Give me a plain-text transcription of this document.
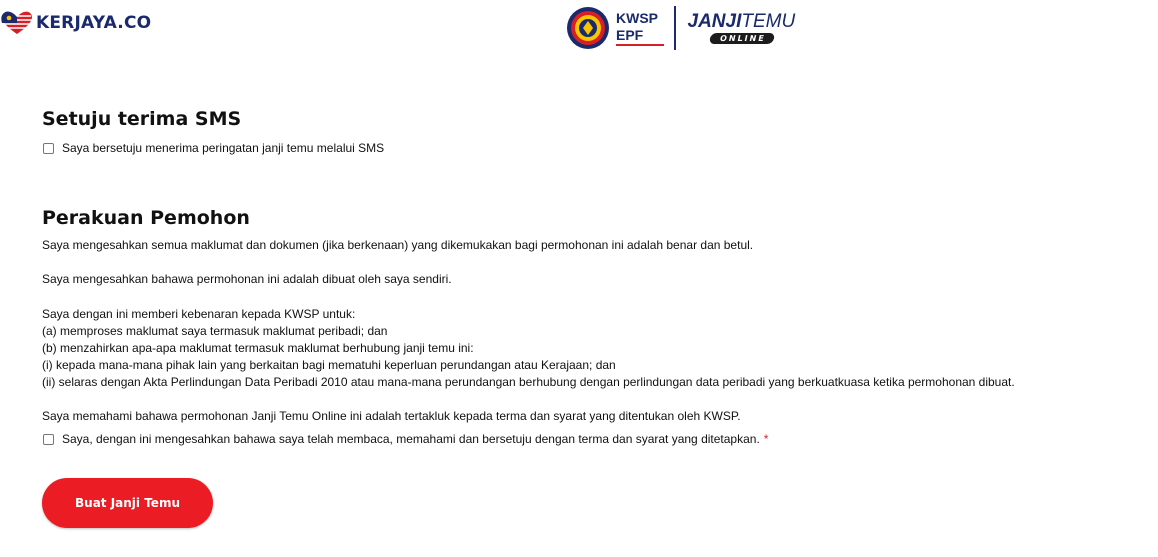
KERJAYA.CO	KWSP
EPF
JANJITEMU
ONLINE
Setuju terima SMS
Saya bersetuju menerima peringatan janji temu melalui SMS
Perakuan Pemohon
Saya mengesahkan semua maklumat dan dokumen (jika berkenaan) yang dikemukakan bagi permohonan ini adalah benar dan betul.
Saya mengesahkan bahawa permohonan ini adalah dibuat oleh saya sendiri.
Saya dengan ini memberi kebenaran kepada KWSP untuk:
(a) memproses maklumat saya termasuk maklumat peribadi; dan
(b) menzahirkan apa-apa maklumat termasuk maklumat berhubung janji temu ini:
(i) kepada mana-mana pihak lain yang berkaitan bagi mematuhi keperluan perundangan atau Kerajaan; dan
(ii) selaras dengan Akta Perlindungan Data Peribadi 2010 atau mana-mana perundangan berhubung dengan perlindungan data peribadi yang berkuatkuasa ketika permohonan dibuat.
Saya memahami bahawa permohonan Janji Temu Online ini adalah tertakluk kepada terma dan syarat yang ditentukan oleh KWSP.
Saya, dengan ini mengesahkan bahawa saya telah membaca, memahami dan bersetuju dengan terma dan syarat yang ditetapkan. *
Buat Janji Temu
